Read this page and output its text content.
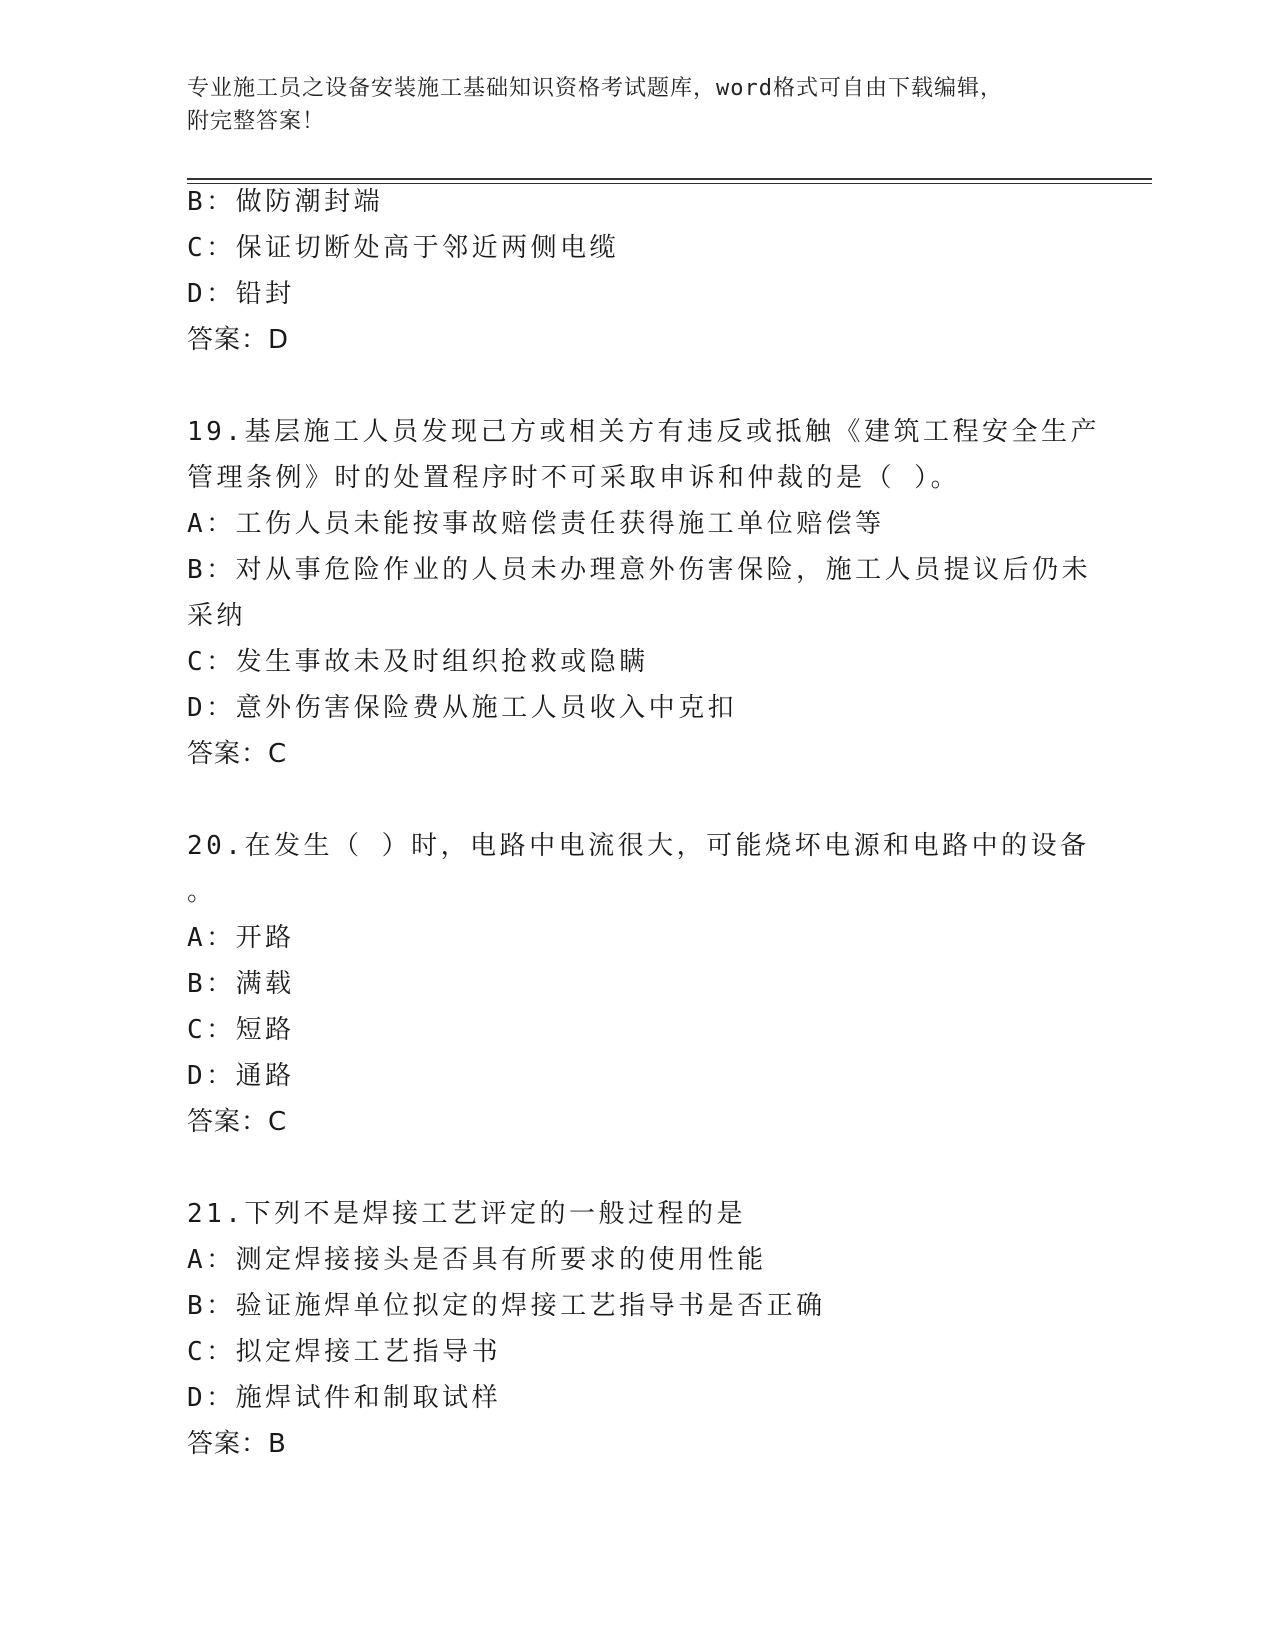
专业施工员之设备安装施工基础知识资格考试题库，word格式可自由下载编辑，
附完整答案！
B：做防潮封端
C：保证切断处高于邻近两侧电缆
D：铅封
答案：D
19.基层施工人员发现己方或相关方有违反或抵触《建筑工程安全生产
管理条例》时的处置程序时不可采取申诉和仲裁的是（ ）。
A：工伤人员未能按事故赔偿责任获得施工单位赔偿等
B：对从事危险作业的人员未办理意外伤害保险，施工人员提议后仍未
采纳
C：发生事故未及时组织抢救或隐瞒
D：意外伤害保险费从施工人员收入中克扣
答案：C
20.在发生（ ）时，电路中电流很大，可能烧坏电源和电路中的设备
。
A：开路
B：满载
C：短路
D：通路
答案：C
21.下列不是焊接工艺评定的一般过程的是
A：测定焊接接头是否具有所要求的使用性能
B：验证施焊单位拟定的焊接工艺指导书是否正确
C：拟定焊接工艺指导书
D：施焊试件和制取试样
答案：B
